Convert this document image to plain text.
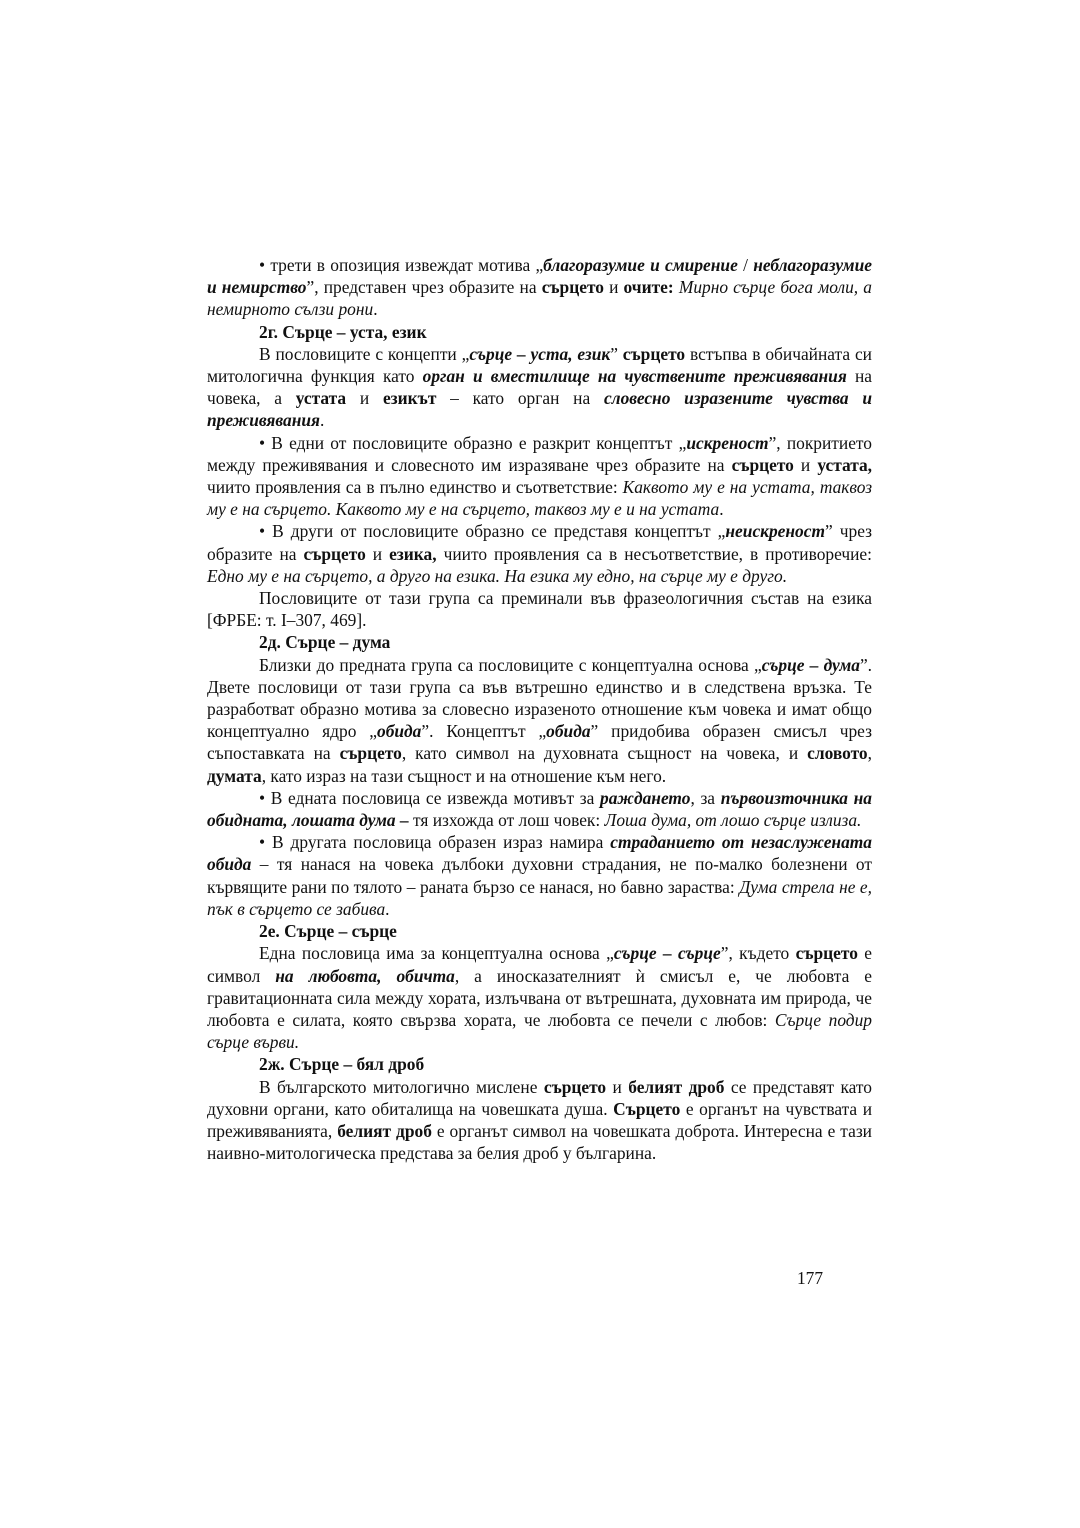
• трети в опозиция извеждат мотива „благоразумие и смирение / неблагоразумие и немирство”, представен чрез образите на сърцето и очите: Мирно сърце бога моли, а немирното сълзи рони.

2г. Сърце – уста, език

В пословиците с концепти „сърце – уста, език” сърцето встъпва в обичайната си митологична функция като орган и вместилище на чувствените преживявания на човека, а устата и езикът – като орган на словесно изразените чувства и преживявания.

• В едни от пословиците образно е разкрит концептът „искреност”, покритието между преживявания и словесното им изразяване чрез образите на сърцето и устата, чиито проявления са в пълно единство и съответствие: Каквото му е на устата, таквоз му е на сърцето. Каквото му е на сърцето, таквоз му е и на устата.

• В други от пословиците образно се представя концептът „неискреност” чрез образите на сърцето и езика, чиито проявления са в несъответствие, в противоречие: Едно му е на сърцето, а друго на езика. На езика му едно, на сърце му е друго.

Пословиците от тази група са преминали във фразеологичния състав на езика [ФРБЕ: т. I–307, 469].

2д. Сърце – дума

Близки до предната група са пословиците с концептуална основа „сърце – дума”. Двете пословици от тази група са във вътрешно единство и в следствена връзка. Те разработват образно мотива за словесно изразеното отношение към човека и имат общо концептуално ядро „обида”. Концептът „обида” придобива образен смисъл чрез съпоставката на сърцето, като символ на духовната същност на човека, и словото, думата, като израз на тази същност и на отношение към него.

• В едната пословица се извежда мотивът за раждането, за първоизточника на обидната, лошата дума – тя изхожда от лош човек: Лоша дума, от лошо сърце излиза.

• В другата пословица образен израз намира страданието от незаслужената обида – тя нанася на човека дълбоки духовни страдания, не по-малко болезнени от кървящите рани по тялото – раната бързо се нанася, но бавно зараства: Дума стрела не е, пък в сърцето се забива.

2е. Сърце – сърце

Една пословица има за концептуална основа „сърце – сърце”, където сърцето е символ на любовта, обичта, а иносказателният ѝ смисъл е, че любовта е гравитационната сила между хората, излъчвана от вътрешната, духовната им природа, че любовта е силата, която свързва хората, че любовта се печели с любов: Сърце подир сърце върви.

2ж. Сърце – бял дроб

В българското митологично мислене сърцето и белият дроб се представят като духовни органи, като обиталища на човешката душа. Сърцето е органът на чувствата и преживяванията, белият дроб е органът символ на човешката доброта. Интересна е тази наивно-митологическа представа за белия дроб у българина.

177
